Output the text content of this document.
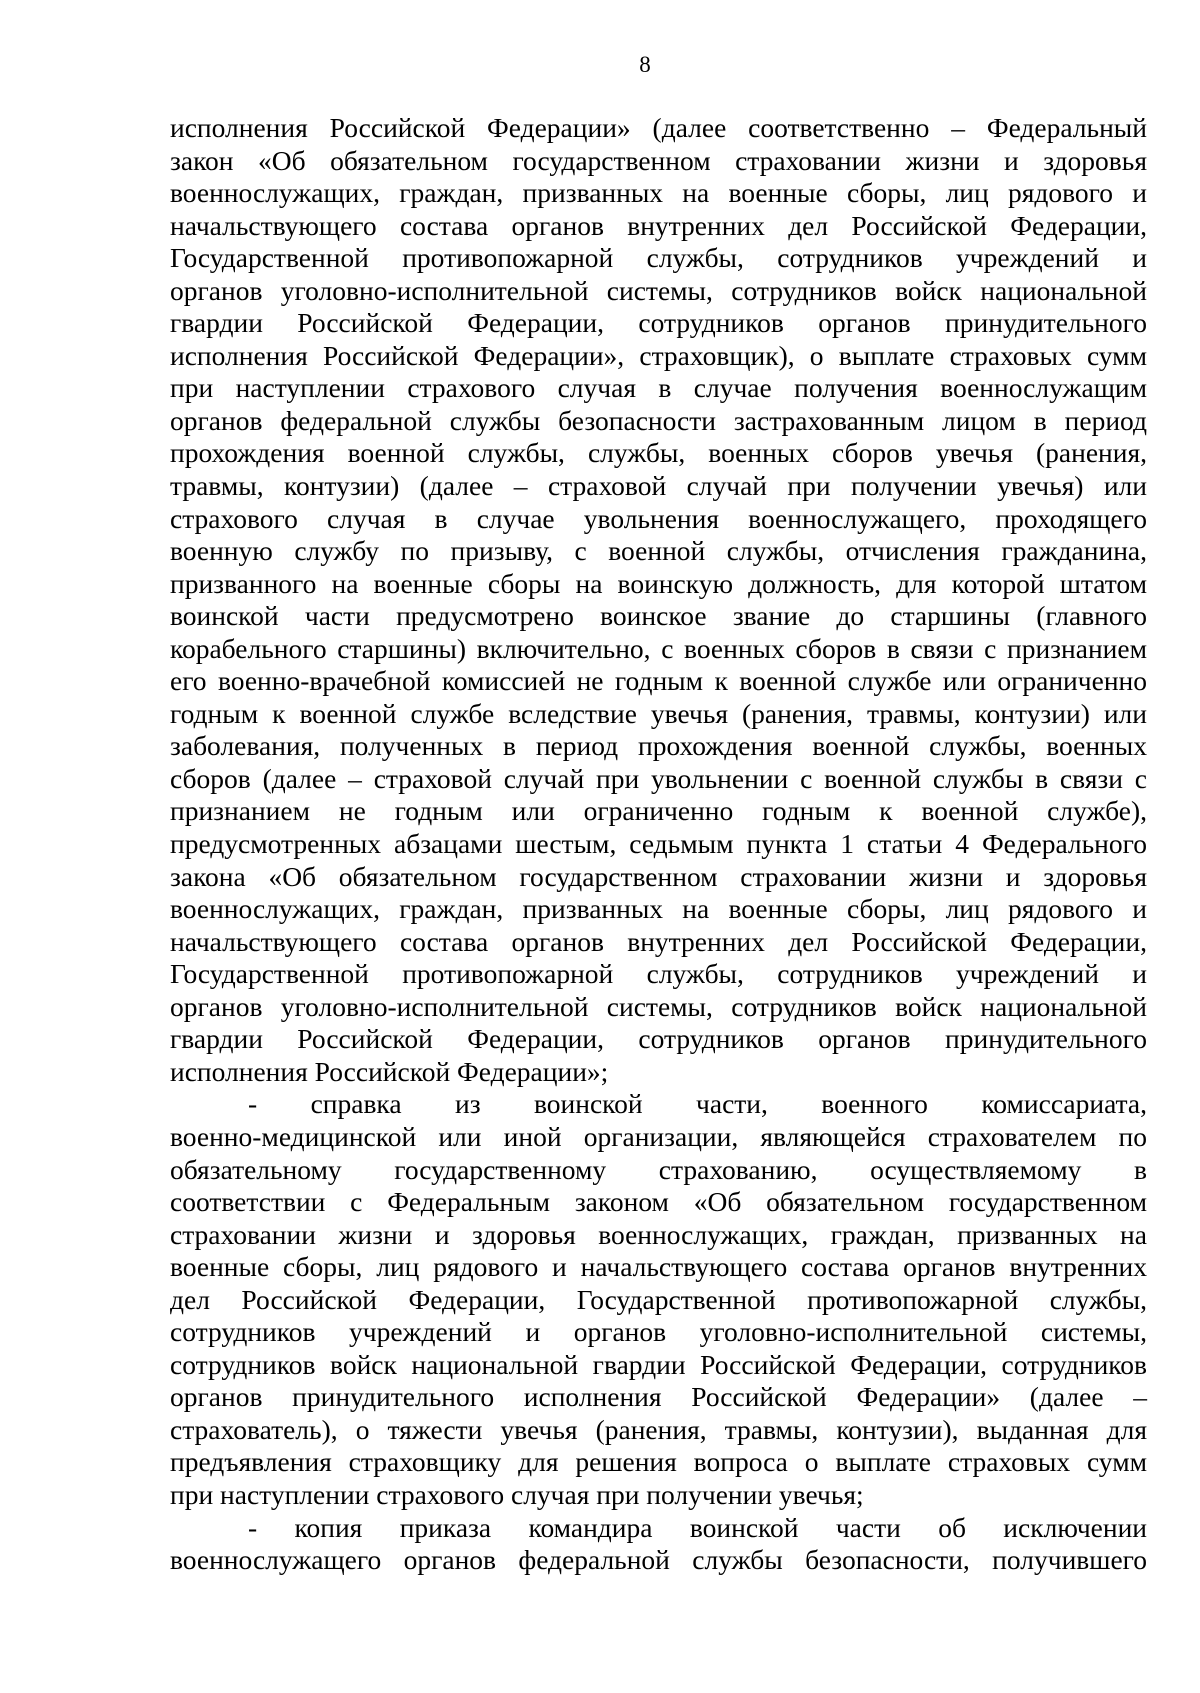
8
исполнения Российской Федерации» (далее соответственно – Федеральный
закон «Об обязательном государственном страховании жизни и здоровья
военнослужащих, граждан, призванных на военные сборы, лиц рядового и
начальствующего состава органов внутренних дел Российской Федерации,
Государственной противопожарной службы, сотрудников учреждений и
органов уголовно-исполнительной системы, сотрудников войск национальной
гвардии Российской Федерации, сотрудников органов принудительного
исполнения Российской Федерации», страховщик), о выплате страховых сумм
при наступлении страхового случая в случае получения военнослужащим
органов федеральной службы безопасности застрахованным лицом в период
прохождения военной службы, службы, военных сборов увечья (ранения,
травмы, контузии) (далее – страховой случай при получении увечья) или
страхового случая в случае увольнения военнослужащего, проходящего
военную службу по призыву, с военной службы, отчисления гражданина,
призванного на военные сборы на воинскую должность, для которой штатом
воинской части предусмотрено воинское звание до старшины (главного
корабельного старшины) включительно, с военных сборов в связи с признанием
его военно-врачебной комиссией не годным к военной службе или ограниченно
годным к военной службе вследствие увечья (ранения, травмы, контузии) или
заболевания, полученных в период прохождения военной службы, военных
сборов (далее – страховой случай при увольнении с военной службы в связи с
признанием не годным или ограниченно годным к военной службе),
предусмотренных абзацами шестым, седьмым пункта 1 статьи 4 Федерального
закона «Об обязательном государственном страховании жизни и здоровья
военнослужащих, граждан, призванных на военные сборы, лиц рядового и
начальствующего состава органов внутренних дел Российской Федерации,
Государственной противопожарной службы, сотрудников учреждений и
органов уголовно-исполнительной системы, сотрудников войск национальной
гвардии Российской Федерации, сотрудников органов принудительного
исполнения Российской Федерации»;
- справка из воинской части, военного комиссариата,
военно-медицинской или иной организации, являющейся страхователем по
обязательному государственному страхованию, осуществляемому в
соответствии с Федеральным законом «Об обязательном государственном
страховании жизни и здоровья военнослужащих, граждан, призванных на
военные сборы, лиц рядового и начальствующего состава органов внутренних
дел Российской Федерации, Государственной противопожарной службы,
сотрудников учреждений и органов уголовно-исполнительной системы,
сотрудников войск национальной гвардии Российской Федерации, сотрудников
органов принудительного исполнения Российской Федерации» (далее –
страхователь), о тяжести увечья (ранения, травмы, контузии), выданная для
предъявления страховщику для решения вопроса о выплате страховых сумм
при наступлении страхового случая при получении увечья;
- копия приказа командира воинской части об исключении
военнослужащего органов федеральной службы безопасности, получившего
